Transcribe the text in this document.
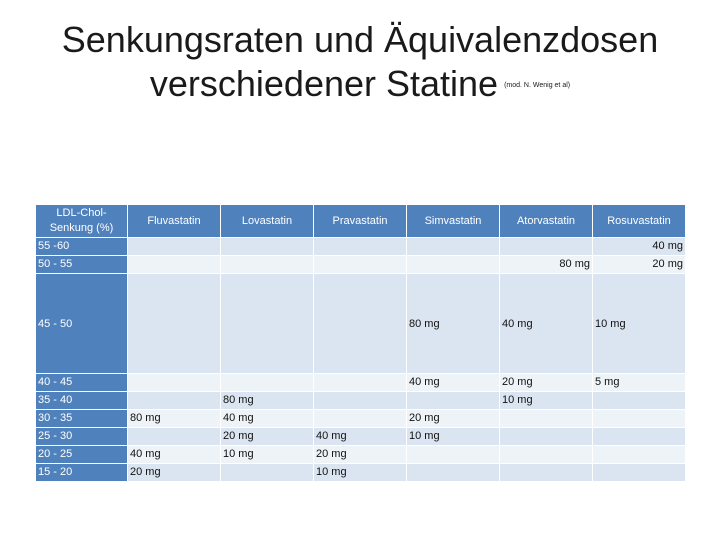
Senkungsraten und Äquivalenzdosen
verschiedener Statine (mod. N. Wenig et al)
LDL-Chol-Senkung (%)	Fluvastatin	Lovastatin	Pravastatin	Simvastatin	Atorvastatin	Rosuvastatin
55 -60						40 mg
50 - 55					80 mg	20 mg
45 - 50				80 mg	40 mg	10 mg
40 - 45				40 mg	20 mg	5 mg
35 - 40		80 mg			10 mg	
30 - 35	80 mg	40 mg		20 mg		
25 - 30		20 mg	40 mg	10 mg		
20 - 25	40 mg	10 mg	20 mg			
15 - 20	20 mg		10 mg			
